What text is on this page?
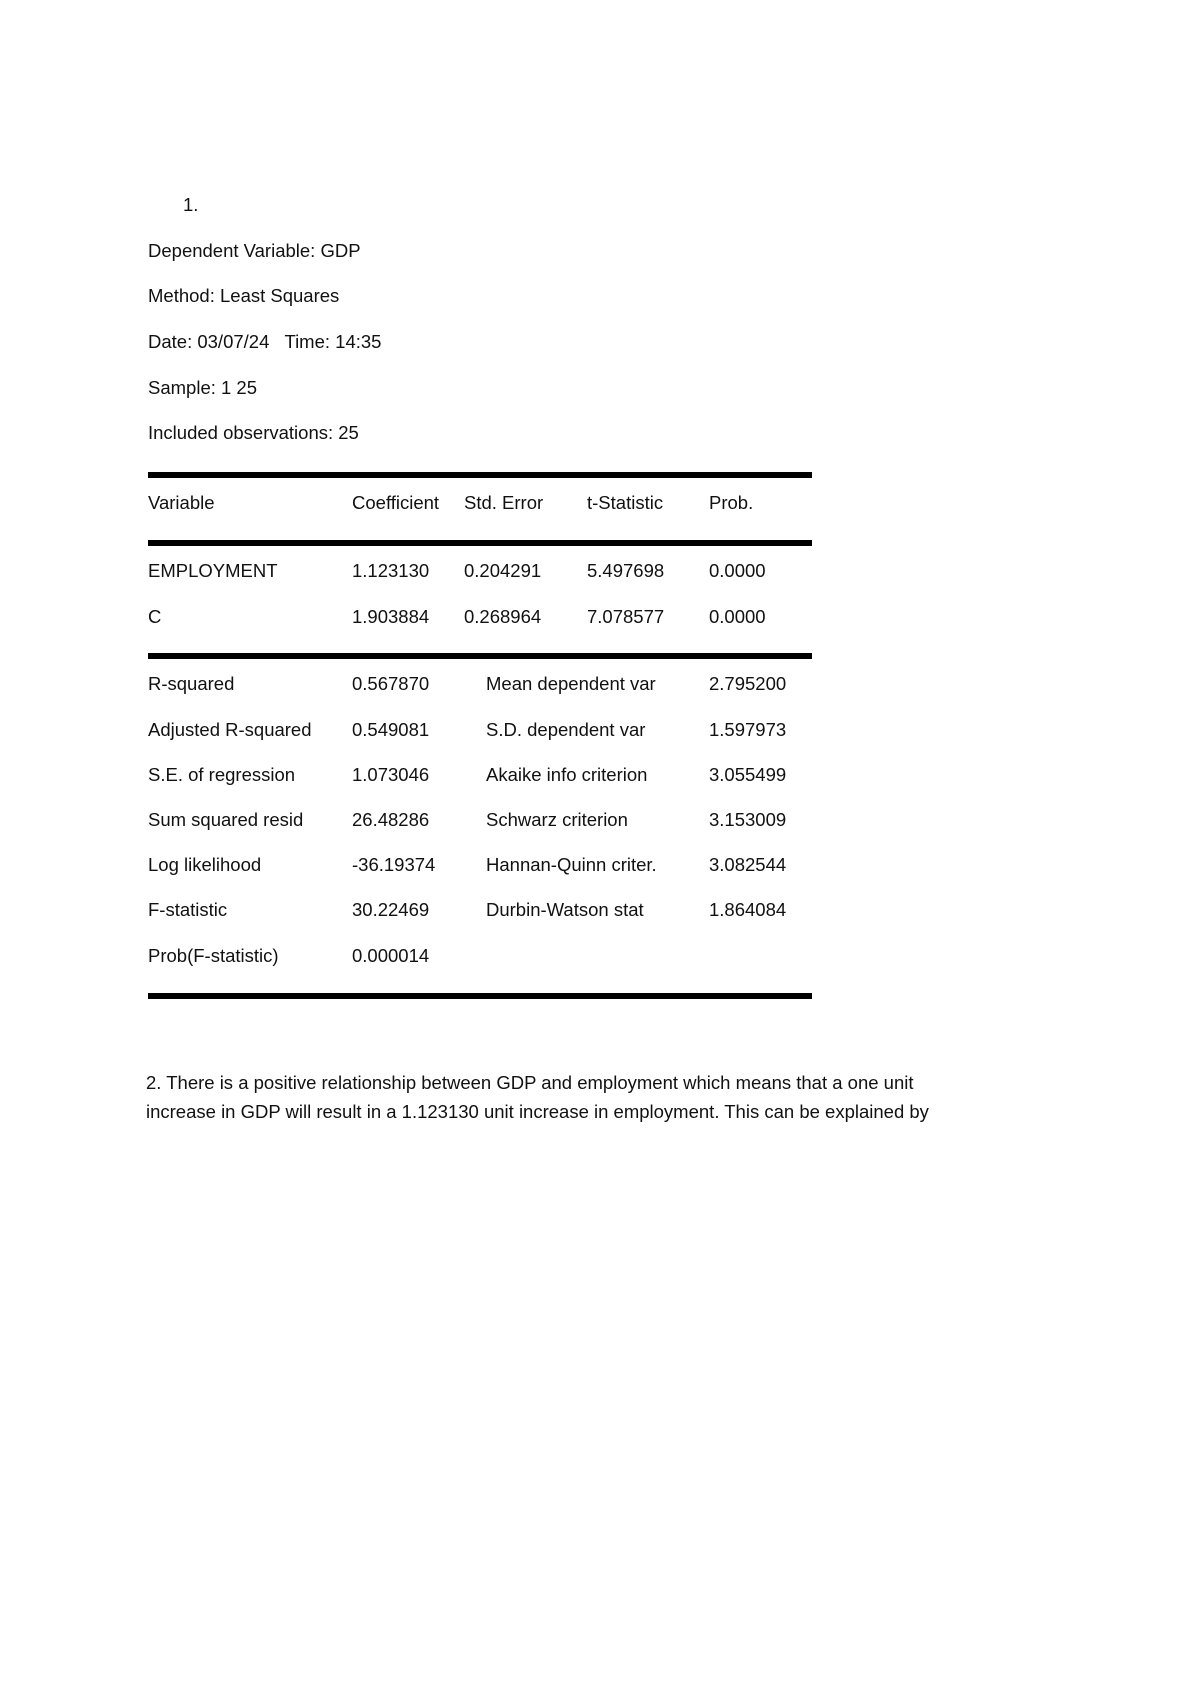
1.
Dependent Variable: GDP
Method: Least Squares
Date: 03/07/24   Time: 14:35
Sample: 1 25
Included observations: 25
Variable	Coefficient Std. Error t-Statistic Prob.
EMPLOYMENT	1.123130 0.204291 5.497698 0.0000
C	1.903884 0.268964 7.078577 0.0000
R-squared	0.567870	Mean dependent var	2.795200
Adjusted R-squared 0.549081	S.D. dependent var	1.597973
S.E. of regression	1.073046	Akaike info criterion	3.055499
Sum squared resid	26.48286	Schwarz criterion	3.153009
Log likelihood	-36.19374	Hannan-Quinn criter.	3.082544
F-statistic	30.22469	Durbin-Watson stat	1.864084
Prob(F-statistic)	0.000014
2. There is a positive relationship between GDP and employment which means that a one unit
increase in GDP will result in a 1.123130 unit increase in employment. This can be explained by
